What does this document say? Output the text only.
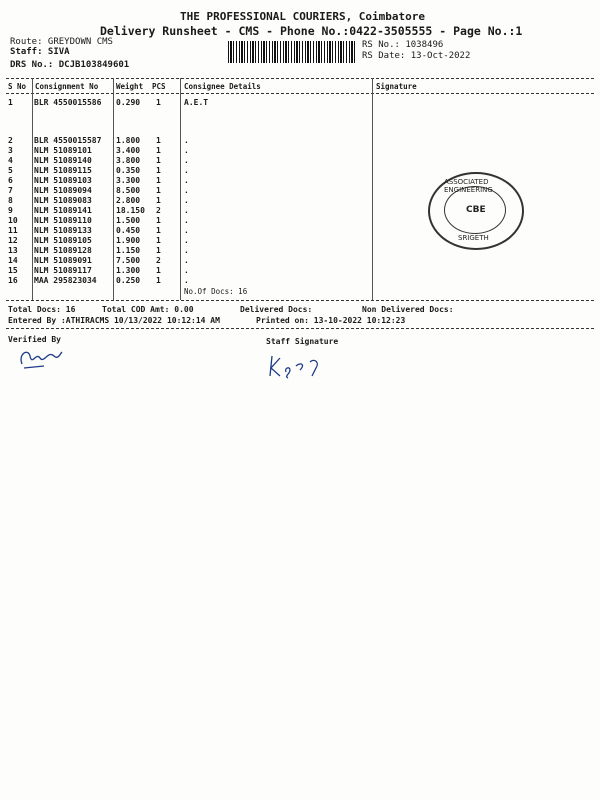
THE PROFESSIONAL COURIERS, Coimbatore
Delivery Runsheet - CMS - Phone No.:0422-3505555 - Page No.:1
Route: GREYDOWN CMS
Staff: SIVA
DRS No.: DCJB103849601
RS No.: 1038496
RS Date: 13-Oct-2022
S No Consignment No Weight PCS Consignee Details	Signature
1	BLR 4550015586 0.290 1	A.E.T
2	BLR 4550015587 1.800 1	.
3	NLM 51089101	3.400 1	.
4	NLM 51089140	3.800 1	.
5	NLM 51089115	0.350 1	.
6	NLM 51089103	3.300 1	.
7	NLM 51089094	8.500 1	.
8	NLM 51089083	2.800 1	.
9	NLM 51089141	18.150 2	.
10 NLM 51089110	1.500 1	.
11 NLM 51089133	0.450 1	.
12 NLM 51089105	1.900 1	.
13 NLM 51089128	1.150 1	.
14 NLM 51089091	7.500 2	.
15 NLM 51089117	1.300 1	.
16 MAA 295823034 0.250 1	.
No.Of Docs: 16
ASSOCIATED ENGINEERING
CBE
SRIGETH
Total Docs: 16	Total COD Amt: 0.00	Delivered Docs:	Non Delivered Docs:
Entered By :ATHIRACMS 10/13/2022 10:12:14 AM	Printed on: 13-10-2022 10:12:23
Verified By	Staff Signature
